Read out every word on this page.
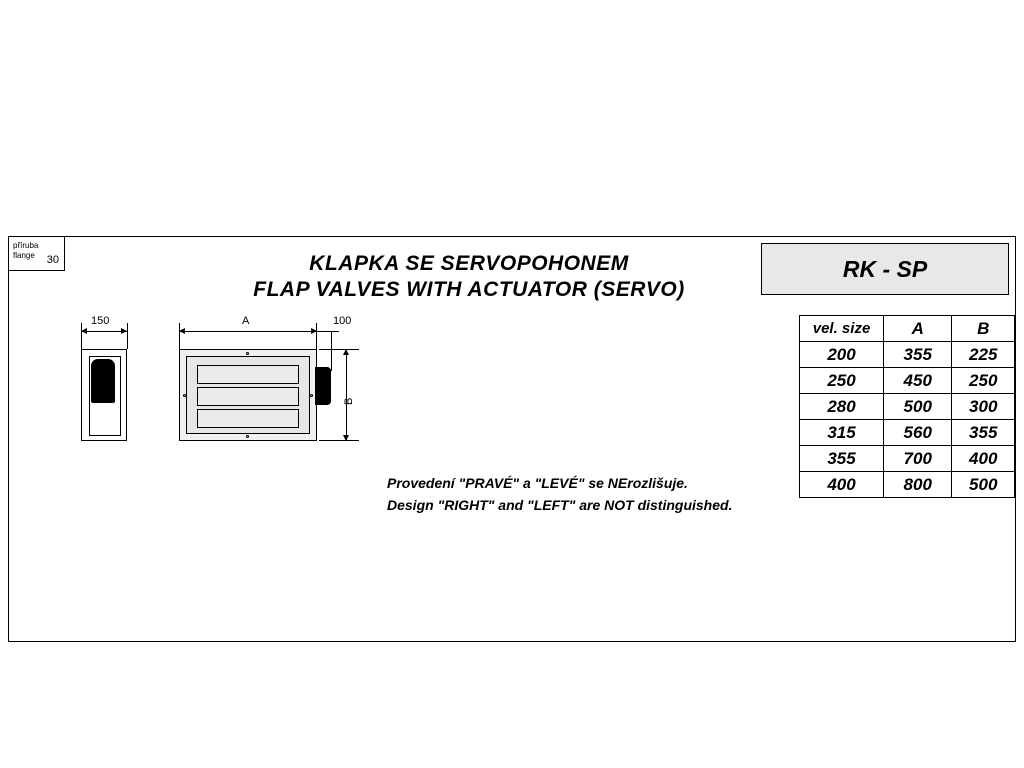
příruba
flange	30	KLAPKA SE SERVOPOHONEM
FLAP VALVES WITH ACTUATOR (SERVO)
RK - SP
vel. size	A	B
200	355	225
250	450	250
280	500	300
315	560	355
355	700	400
400	800	500
Provedení "PRAVÉ" a "LEVÉ" se NErozlišuje.
Design "RIGHT" and "LEFT" are NOT distinguished.
150	A	100
B
